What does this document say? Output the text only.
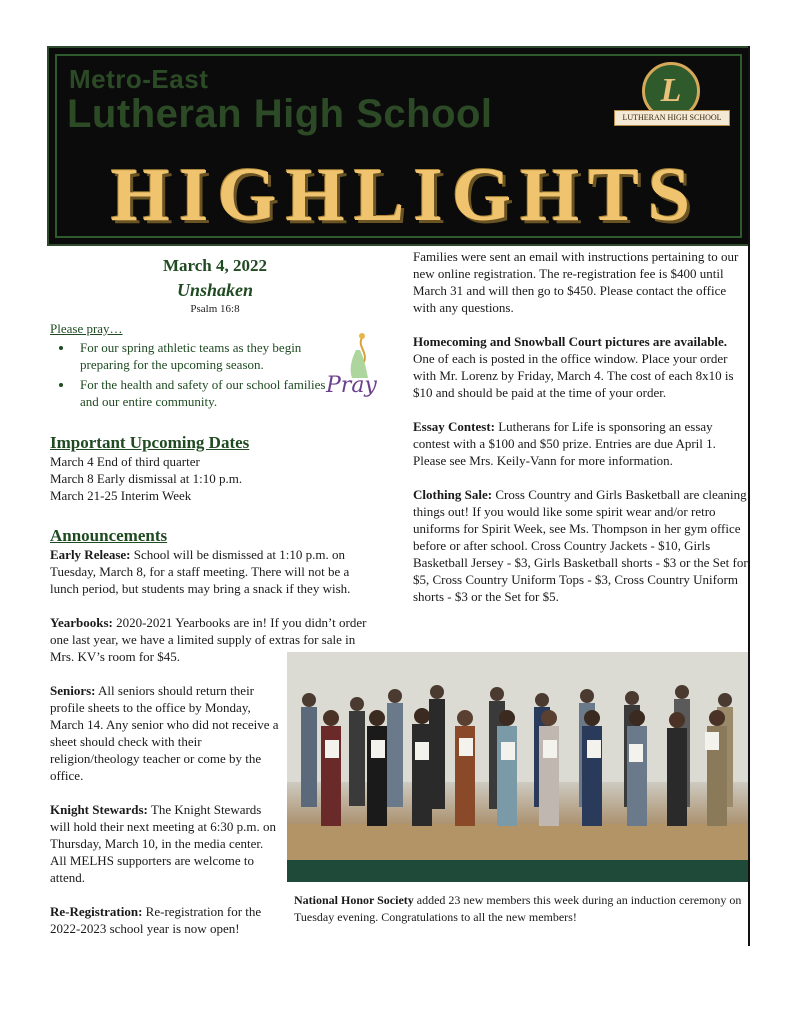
Metro-East

Lutheran High School

HIGHLIGHTS

L
LUTHERAN HIGH SCHOOL

March 4, 2022

Unshaken

Psalm 16:8

Please pray…

• For our spring athletic teams as they begin preparing for the upcoming season.
• For the health and safety of our school families and our entire community.
Pray

Important Upcoming Dates

March 4 End of third quarter

March 8 Early dismissal at 1:10 p.m.

March 21-25 Interim Week

Announcements

Early Release: School will be dismissed at 1:10 p.m. on Tuesday, March 8, for a staff meeting. There will not be a lunch period, but students may bring a snack if they wish.

Yearbooks: 2020-2021 Yearbooks are in! If you didn’t order one last year, we have a limited supply of extras for sale in Mrs. KV’s room for $45.

Seniors: All seniors should return their profile sheets to the office by Monday, March 14. Any senior who did not receive a sheet should check with their religion/theology teacher or come by the office.

Knight Stewards: The Knight Stewards will hold their next meeting at 6:30 p.m. on Thursday, March 10, in the media center. All MELHS supporters are welcome to attend.

Re-Registration: Re-registration for the 2022-2023 school year is now open!

Families were sent an email with instructions pertaining to our new online registration. The re-registration fee is $400 until March 31 and will then go to $450. Please contact the office with any questions.

Homecoming and Snowball Court pictures are available. One of each is posted in the office window. Place your order with Mr. Lorenz by Friday, March 4. The cost of each 8x10 is $10 and should be paid at the time of your order.

Essay Contest: Lutherans for Life is sponsoring an essay contest with a $100 and $50 prize. Entries are due April 1. Please see Mrs. Keily-Vann for more information.

Clothing Sale: Cross Country and Girls Basketball are cleaning things out! If you would like some spirit wear and/or retro uniforms for Spirit Week, see Ms. Thompson in her gym office before or after school. Cross Country Jackets - $10, Girls Basketball Jersey - $3, Girls Basketball shorts - $3 or the Set for $5, Cross Country Uniform Tops - $3, Cross Country Uniform shorts - $3 or the Set for $5.

National Honor Society added 23 new members this week during an induction ceremony on Tuesday evening. Congratulations to all the new members!
